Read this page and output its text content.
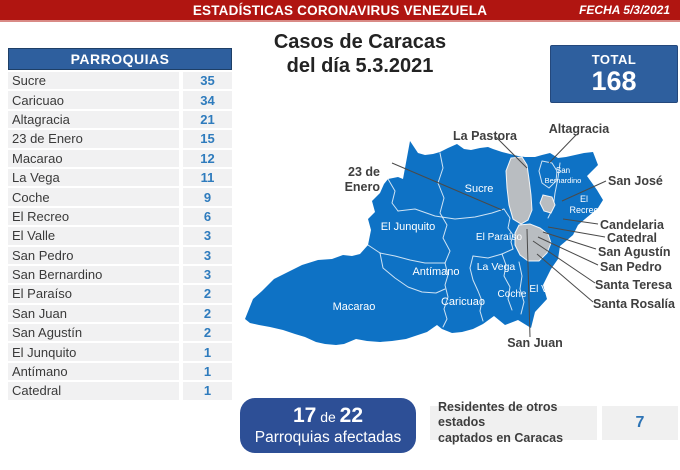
ESTADÍSTICAS CORONAVIRUS VENEZUELA	FECHA 5/3/2021
PARROQUIAS
Sucre	35
Caricuao	34
Altagracia	21
23 de Enero	15
Macarao	12
La Vega	11
Coche	9
El Recreo	6
El Valle	3
San Pedro	3
San Bernardino	3
El Paraíso	2
San Juan	2
San Agustín	2
El Junquito	1
Antímano	1
Catedral	1
Casos de Caracas
del día 5.3.2021	TOTAL
168
Sucre
El Junquito
El Paraíso
Antímano La Vega
Macarao	Caricuao
Coche El Valle
San
Bernardino
El
Recreo
23 de
Enero
La Pastora	Altagracia
San José
Candelaria
Catedral
San Agustín
San Pedro
Santa Teresa
Santa Rosalía
San Juan
17 de 22
Parroquias afectadas
Residentes de otros estados
captados en Caracas
7
